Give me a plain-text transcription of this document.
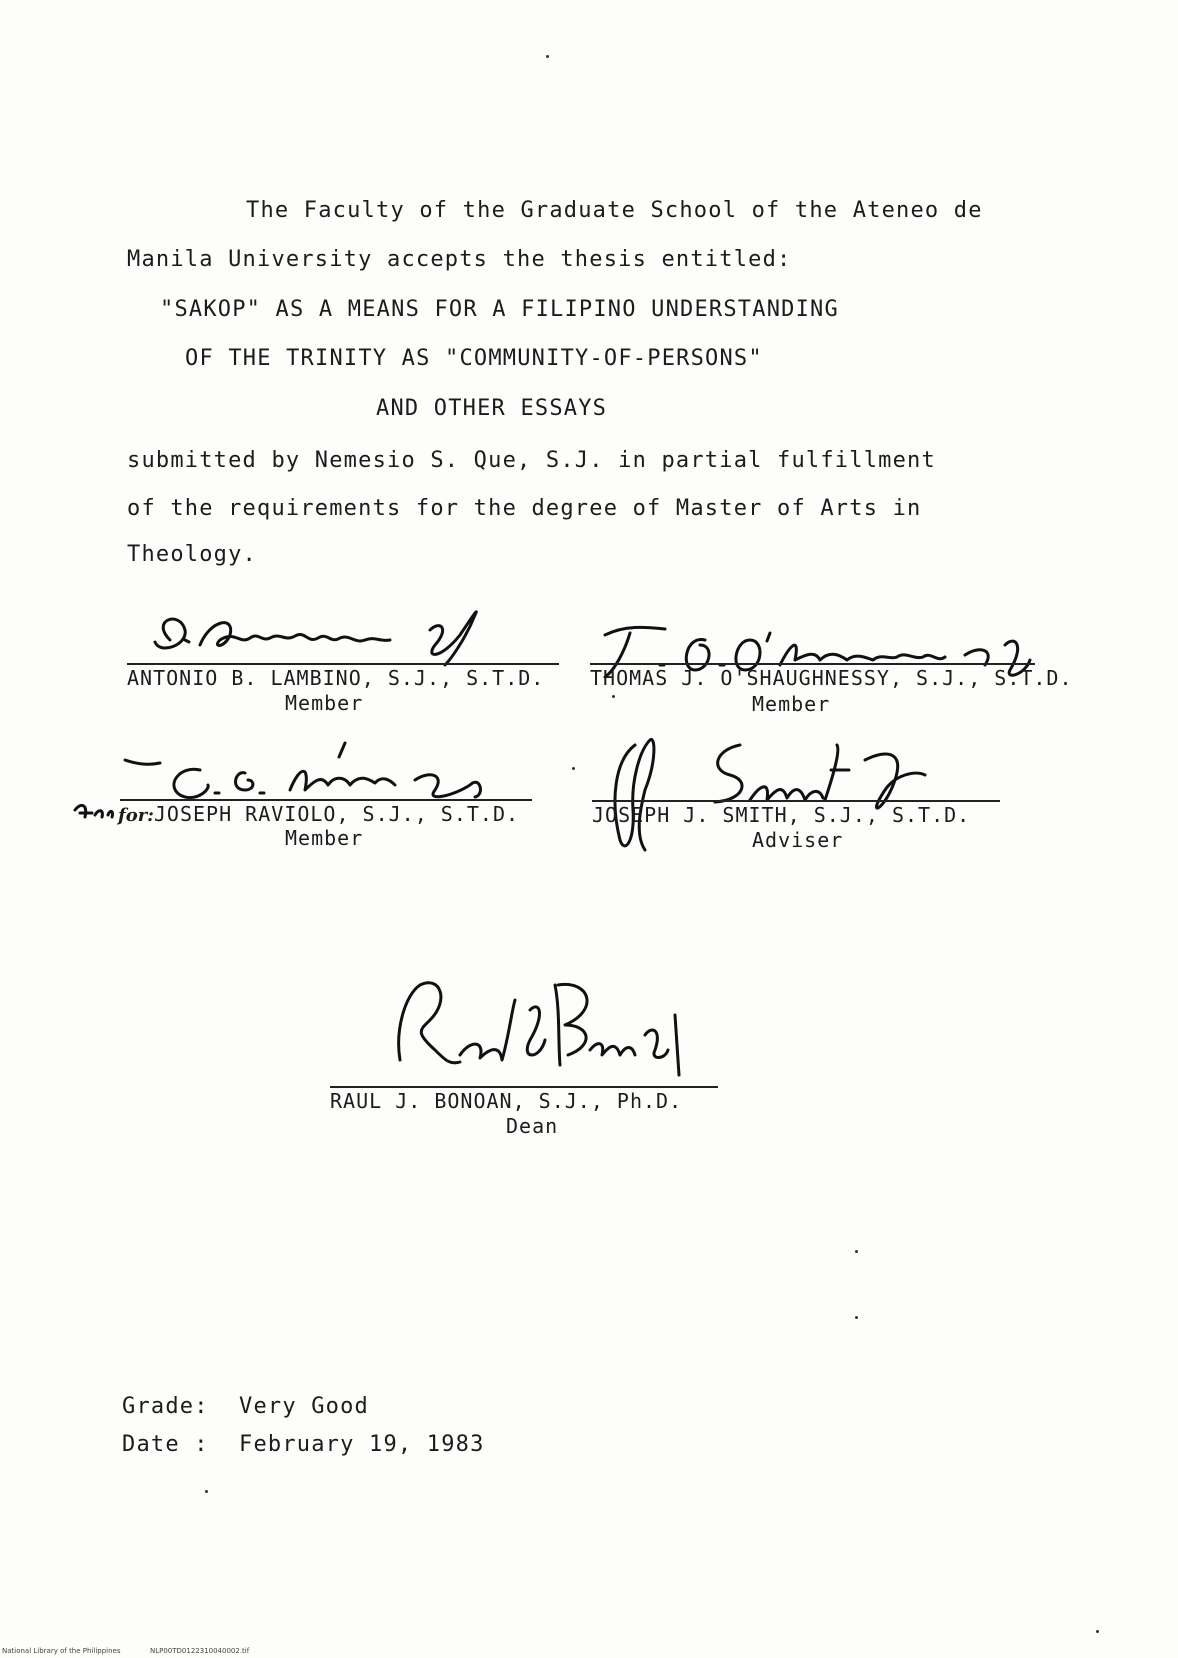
The Faculty of the Graduate School of the Ateneo de
Manila University accepts the thesis entitled:
"SAKOP" AS A MEANS FOR A FILIPINO UNDERSTANDING
OF THE TRINITY AS "COMMUNITY-OF-PERSONS"
AND OTHER ESSAYS
submitted by Nemesio S. Que, S.J. in partial fulfillment
of the requirements for the degree of Master of Arts in
Theology.
ANTONIO B. LAMBINO, S.J., S.T.D.
Member
THOMAS J. O'SHAUGHNESSY, S.J., S.T.D.
Member
for:JOSEPH RAVIOLO, S.J., S.T.D.
Member
JOSEPH J. SMITH, S.J., S.T.D.
Adviser
RAUL J. BONOAN, S.J., Ph.D.
Dean
Grade: Very Good
Date : February 19, 1983
National Library of the Philippines	NLP00TD0122310040002.tif
